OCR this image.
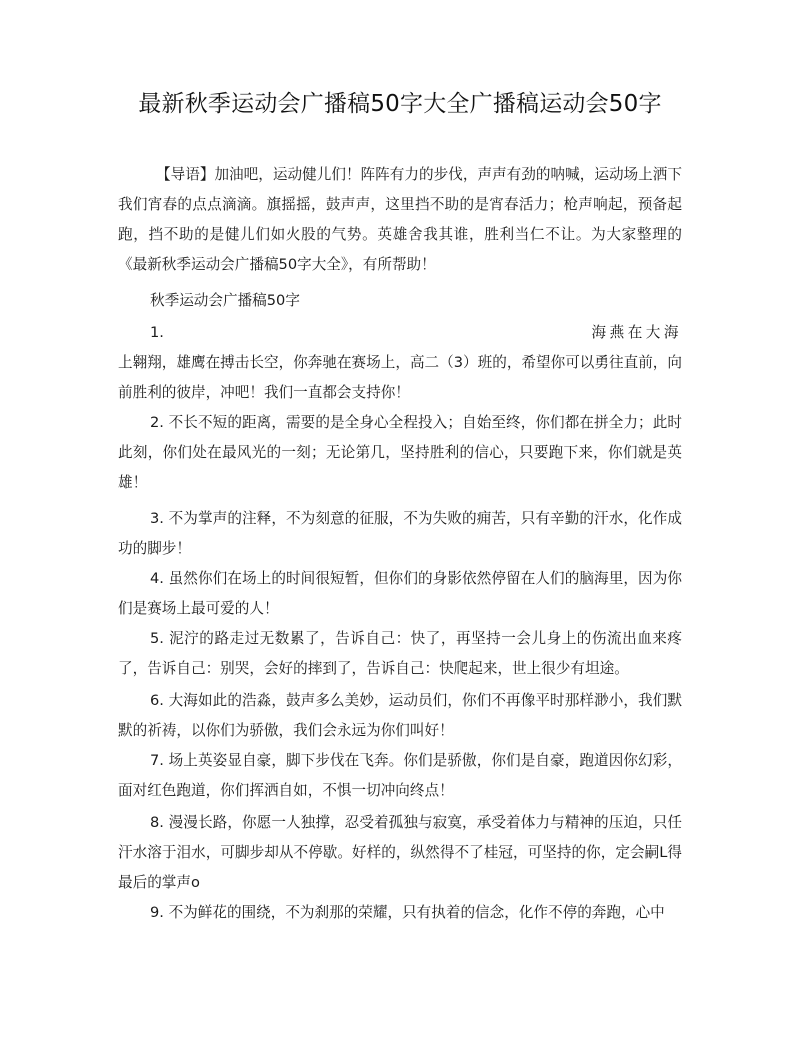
最新秋季运动会广播稿50字大全广播稿运动会50字
【导语】加油吧，运动健儿们！阵阵有力的步伐，声声有劲的呐喊，运动场上洒下我们宵春的点点滴滴。旗摇摇，鼓声声，这里挡不助的是宵春活力；枪声响起，预备起跑，挡不助的是健儿们如火股的气势。英雄舍我其谁，胜利当仁不让。为大家整理的《最新秋季运动会广播稿50字大全》，有所帮助！
秋季运动会广播稿50字
1.	海燕在大海
上翱翔，雄鹰在搏击长空，你奔驰在赛场上，高二（3）班的，希望你可以勇往直前，向前胜利的彼岸，冲吧！我们一直都会支持你！
2. 不长不短的距离，需要的是全身心全程投入；自始至终，你们都在拼全力；此时此刻，你们处在最风光的一刻；无论第几，坚持胜利的信心，只要跑下来，你们就是英雄！
3. 不为掌声的注释，不为刻意的征服，不为失败的痈苦，只有辛勤的汗水，化作成功的脚步！
4. 虽然你们在场上的时间很短暂，但你们的身影依然停留在人们的脑海里，因为你们是赛场上最可爱的人！
5. 泥泞的路走过无数累了，告诉自己：快了，再坚持一会儿身上的伤流出血来疼了，告诉自己：别哭，会好的摔到了，告诉自己：快爬起来，世上很少有坦途。
6. 大海如此的浩淼，鼓声多么美妙，运动员们，你们不再像平时那样渺小，我们默默的祈祷，以你们为骄傲，我们会永远为你们叫好！
7. 场上英姿显自豪，脚下步伐在飞奔。你们是骄傲，你们是自豪，跑道因你幻彩，面对红色跑道，你们挥洒自如，不惧一切冲向终点！
8. 漫漫长路，你愿一人独撑，忍受着孤独与寂寞，承受着体力与精神的压迫，只任汗水溶于泪水，可脚步却从不停歇。好样的，纵然得不了桂冠，可坚持的你，定会嗣L得最后的掌声o
9. 不为鲜花的围绕，不为刹那的荣耀，只有执着的信念，化作不停的奔跑，心中
